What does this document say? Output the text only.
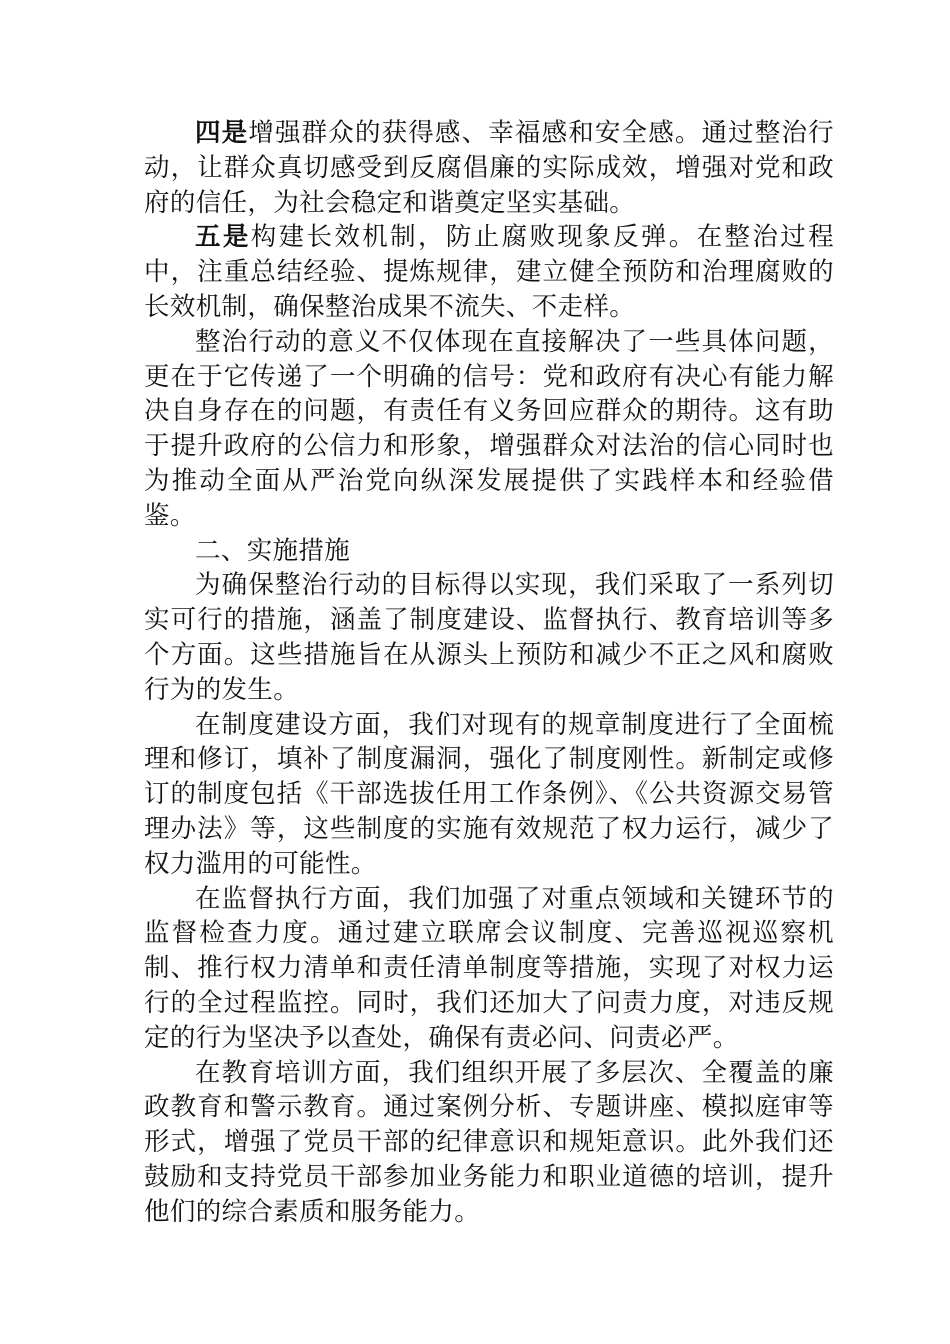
四是增强群众的获得感、幸福感和安全感。通过整治行动，让群众真切感受到反腐倡廉的实际成效，增强对党和政府的信任，为社会稳定和谐奠定坚实基础。

五是构建长效机制，防止腐败现象反弹。在整治过程中，注重总结经验、提炼规律，建立健全预防和治理腐败的长效机制，确保整治成果不流失、不走样。

整治行动的意义不仅体现在直接解决了一些具体问题，更在于它传递了一个明确的信号：党和政府有决心有能力解决自身存在的问题，有责任有义务回应群众的期待。这有助于提升政府的公信力和形象，增强群众对法治的信心同时也为推动全面从严治党向纵深发展提供了实践样本和经验借鉴。

二、实施措施

为确保整治行动的目标得以实现，我们采取了一系列切实可行的措施，涵盖了制度建设、监督执行、教育培训等多个方面。这些措施旨在从源头上预防和减少不正之风和腐败行为的发生。

在制度建设方面，我们对现有的规章制度进行了全面梳理和修订，填补了制度漏洞，强化了制度刚性。新制定或修订的制度包括《干部选拔任用工作条例》、《公共资源交易管理办法》等，这些制度的实施有效规范了权力运行，减少了权力滥用的可能性。

在监督执行方面，我们加强了对重点领域和关键环节的监督检查力度。通过建立联席会议制度、完善巡视巡察机制、推行权力清单和责任清单制度等措施，实现了对权力运行的全过程监控。同时，我们还加大了问责力度，对违反规定的行为坚决予以查处，确保有责必问、问责必严。

在教育培训方面，我们组织开展了多层次、全覆盖的廉政教育和警示教育。通过案例分析、专题讲座、模拟庭审等形式，增强了党员干部的纪律意识和规矩意识。此外我们还鼓励和支持党员干部参加业务能力和职业道德的培训，提升他们的综合素质和服务能力。
